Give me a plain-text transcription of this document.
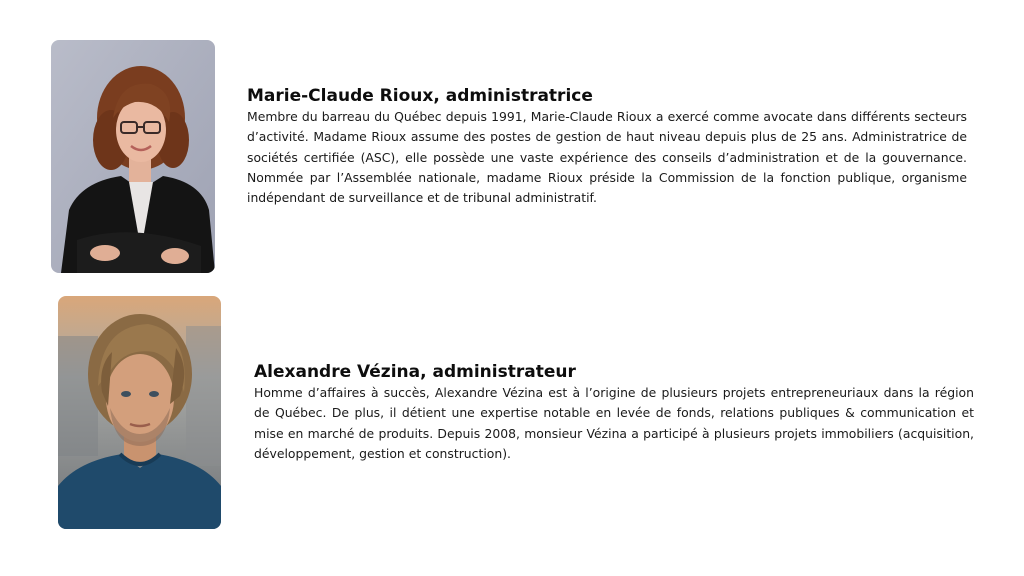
Marie-Claude Rioux, administratrice

Membre du barreau du Québec depuis 1991, Marie-Claude Rioux a exercé comme avocate dans différents secteurs d’activité. Madame Rioux assume des postes de gestion de haut niveau depuis plus de 25 ans. Administratrice de sociétés certifiée (ASC), elle possède une vaste expérience des conseils d’administration et de la gouvernance. Nommée par l’Assemblée nationale, madame Rioux préside la Commission de la fonction publique, organisme indépendant de surveillance et de tribunal administratif.

Alexandre Vézina, administrateur

Homme d’affaires à succès, Alexandre Vézina est à l’origine de plusieurs projets entrepreneuriaux dans la région de Québec. De plus, il détient une expertise notable en levée de fonds, relations publiques & communication et mise en marché de produits. Depuis 2008, monsieur Vézina a participé à plusieurs projets immobiliers (acquisition, développement, gestion et construction).
